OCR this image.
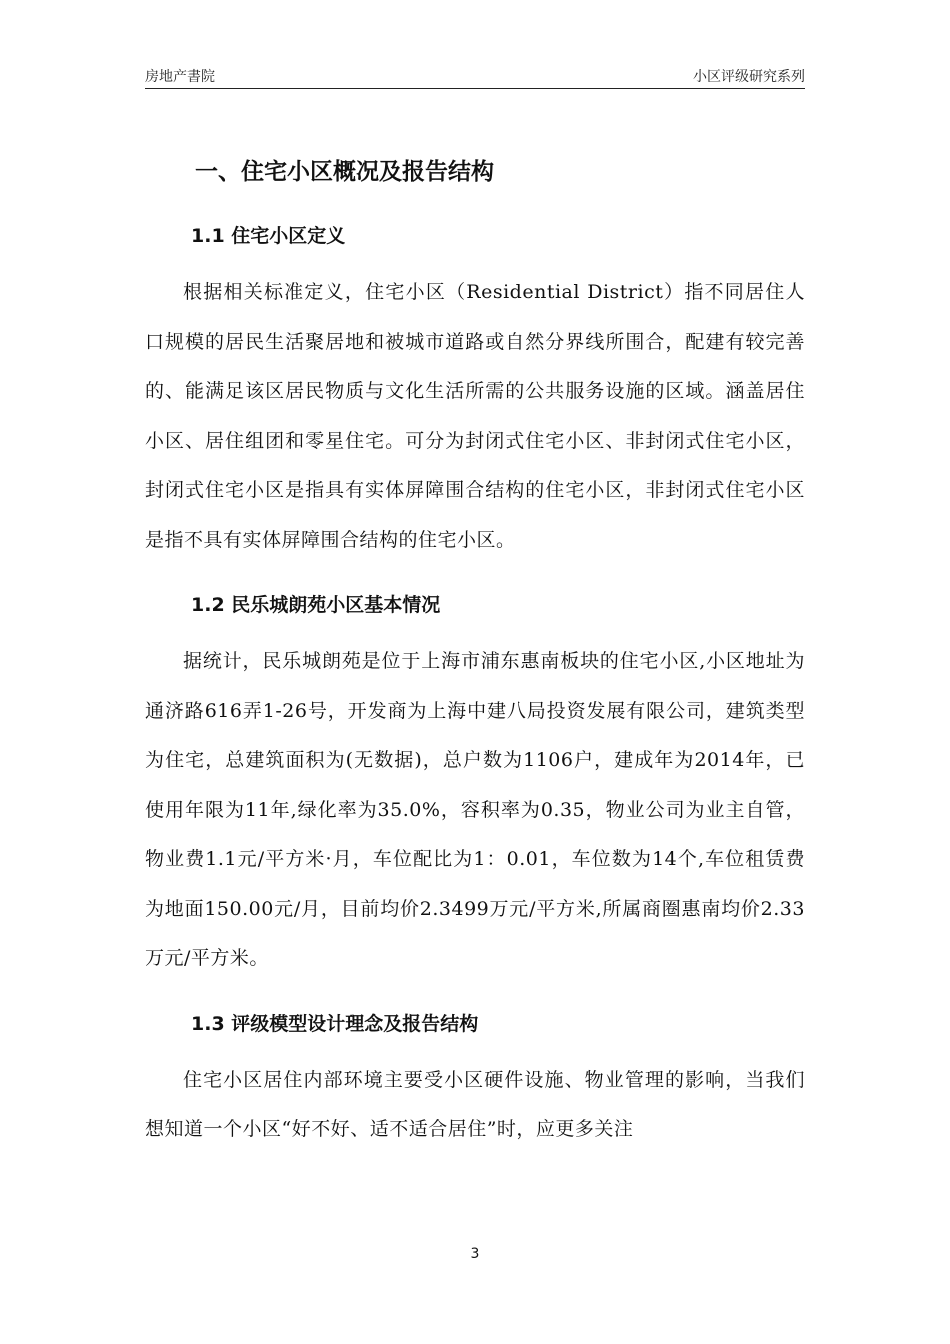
房地产書院	小区评级研究系列
一、住宅小区概况及报告结构
1.1 住宅小区定义

根据相关标准定义，住宅小区（Residential District）指不同居住人口规模的居民生活聚居地和被城市道路或自然分界线所围合，配建有较完善的、能满足该区居民物质与文化生活所需的公共服务设施的区域。涵盖居住小区、居住组团和零星住宅。可分为封闭式住宅小区、非封闭式住宅小区，封闭式住宅小区是指具有实体屏障围合结构的住宅小区，非封闭式住宅小区是指不具有实体屏障围合结构的住宅小区。

1.2 民乐城朗苑小区基本情况

据统计，民乐城朗苑是位于上海市浦东惠南板块的住宅小区,小区地址为通济路616弄1-26号，开发商为上海中建八局投资发展有限公司，建筑类型为住宅，总建筑面积为(无数据)，总户数为1106户，建成年为2014年，已使用年限为11年,绿化率为35.0%，容积率为0.35，物业公司为业主自管，物业费1.1元/平方米·月，车位配比为1：0.01，车位数为14个,车位租赁费为地面150.00元/月，目前均价2.3499万元/平方米,所属商圈惠南均价2.33万元/平方米。

1.3 评级模型设计理念及报告结构

住宅小区居住内部环境主要受小区硬件设施、物业管理的影响，当我们想知道一个小区“好不好、适不适合居住”时，应更多关注

3
